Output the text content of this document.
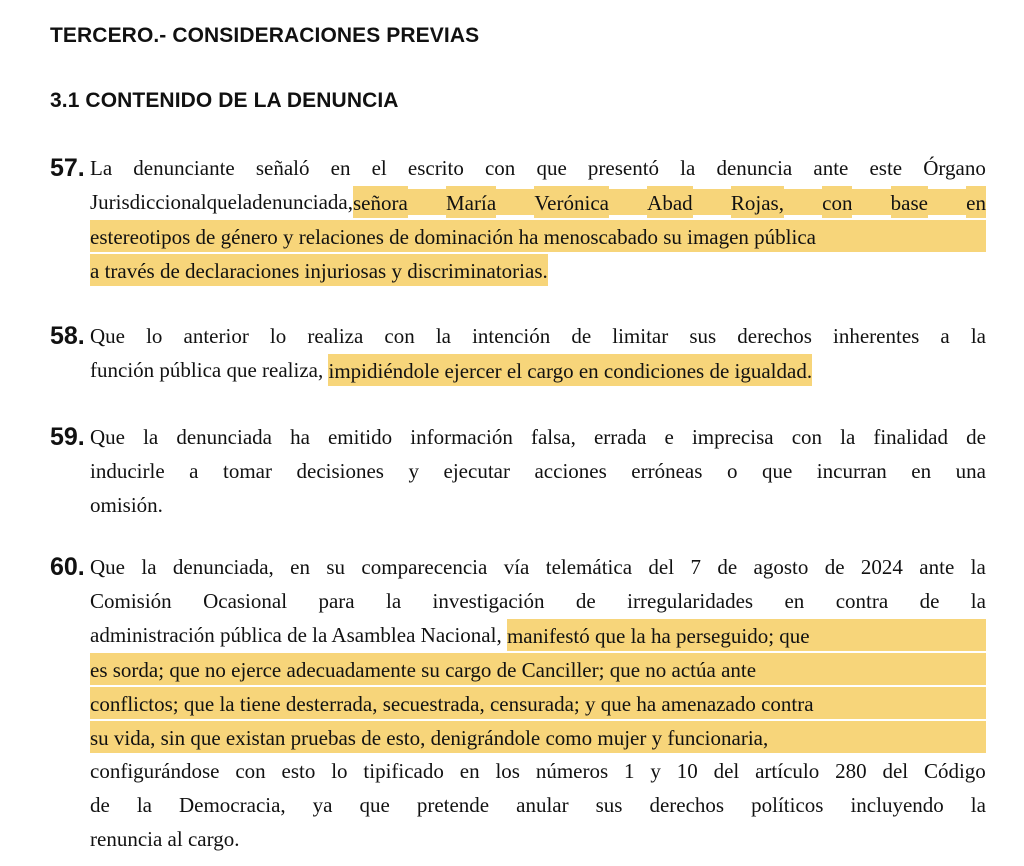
TERCERO.- CONSIDERACIONES PREVIAS
3.1 CONTENIDO DE LA DENUNCIA
57. La denunciante señaló en el escrito con que presentó la denuncia ante este Órgano
Jurisdiccional que la denunciada, señora María Verónica Abad Rojas, con base en
estereotipos de género y relaciones de dominación ha menoscabado su imagen pública
a través de declaraciones injuriosas y discriminatorias.
58. Que lo anterior lo realiza con la intención de limitar sus derechos inherentes a la
función pública que realiza, impidiéndole ejercer el cargo en condiciones de igualdad.
59. Que la denunciada ha emitido información falsa, errada e imprecisa con la finalidad de
inducirle a tomar decisiones y ejecutar acciones erróneas o que incurran en una
omisión.
60. Que la denunciada, en su comparecencia vía telemática del 7 de agosto de 2024 ante la
Comisión Ocasional para la investigación de irregularidades en contra de la
administración pública de la Asamblea Nacional, manifestó que la ha perseguido; que
es sorda; que no ejerce adecuadamente su cargo de Canciller; que no actúa ante
conflictos; que la tiene desterrada, secuestrada, censurada; y que ha amenazado contra
su vida, sin que existan pruebas de esto, denigrándole como mujer y funcionaria,
configurándose con esto lo tipificado en los números 1 y 10 del artículo 280 del Código
de la Democracia, ya que pretende anular sus derechos políticos incluyendo la
renuncia al cargo.
